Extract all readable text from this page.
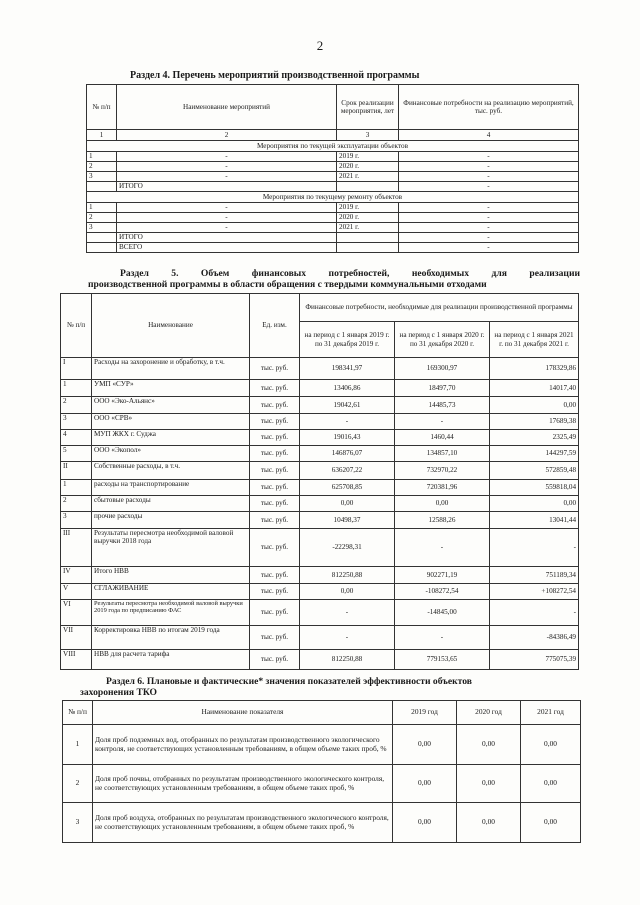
2
Раздел 4. Перечень мероприятий производственной программы
№ п/п	Наименование мероприятий	Срок реализации мероприятия, лет	Финансовые потребности на реализацию мероприятий, тыс. руб.
1	2	3	4
Мероприятия по текущей эксплуатации объектов			
1	-	2019 г.	-
2	-	2020 г.	-
3	-	2021 г.	-
	ИТОГО		-
Мероприятия по текущему ремонту объектов			
1	-	2019 г.	-
2	-	2020 г.	-
3	-	2021 г.	-
	ИТОГО		-
	ВСЕГО		-
Раздел 5. Объем финансовых потребностей, необходимых для реализации
производственной программы в области обращения с твердыми коммунальными отходами
№ п/п	Наименование	Ед. изм.	Финансовые потребности, необходимые для реализации производственной программы		
			на период с 1 января 2019 г. по 31 декабря 2019 г.	на период с 1 января 2020 г. по 31 декабря 2020 г.	на период с 1 января 2021 г. по 31 декабря 2021 г.
I	Расходы на захоронение и обработку, в т.ч.	тыс. руб.	198341,97	169300,97	178329,86
1	УМП «СУР»	тыс. руб.	13406,86	18497,70	14017,40
2	ООО «Эко-Альянс»	тыс. руб.	19042,61	14485,73	0,00
3	ООО «СРВ»	тыс. руб.	-	-	17689,38
4	МУП ЖКХ г. Суджа	тыс. руб.	19016,43	1460,44	2325,49
5	ООО «Экопол»	тыс. руб.	146876,07	134857,10	144297,59
II	Собственные расходы, в т.ч.	тыс. руб.	636207,22	732970,22	572859,48
1	расходы на транспортирование	тыс. руб.	625708,85	720381,96	559818,04
2	сбытовые расходы	тыс. руб.	0,00	0,00	0,00
3	прочие расходы	тыс. руб.	10498,37	12588,26	13041,44
III	Результаты пересмотра необходимой валовой выручки 2018 года	тыс. руб.	-22298,31	-	-
IV	Итого НВВ	тыс. руб.	812250,88	902271,19	751189,34
V	СГЛАЖИВАНИЕ	тыс. руб.	0,00	-108272,54	+108272,54
VI	Результаты пересмотра необходимой валовой выручки 2019 года по предписанию ФАС	тыс. руб.	-	-14845,00	-
VII	Корректировка НВВ по итогам 2019 года	тыс. руб.	-	-	-84386,49
VIII	НВВ для расчета тарифа	тыс. руб.	812250,88	779153,65	775075,39
Раздел 6. Плановые и фактические* значения показателей эффективности объектов
захоронения ТКО
№ п/п	Наименование показателя	2019 год	2020 год	2021 год
1	Доля проб подземных вод, отобранных по результатам производственного экологического контроля, не соответствующих установленным требованиям, в общем объеме таких проб, %	0,00	0,00	0,00
2	Доля проб почвы, отобранных по результатам производственного экологического контроля, не соответствующих установленным требованиям, в общем объеме таких проб, %	0,00	0,00	0,00
3	Доля проб воздуха, отобранных по результатам производственного экологического контроля, не соответствующих установленным требованиям, в общем объеме таких проб, %	0,00	0,00	0,00
